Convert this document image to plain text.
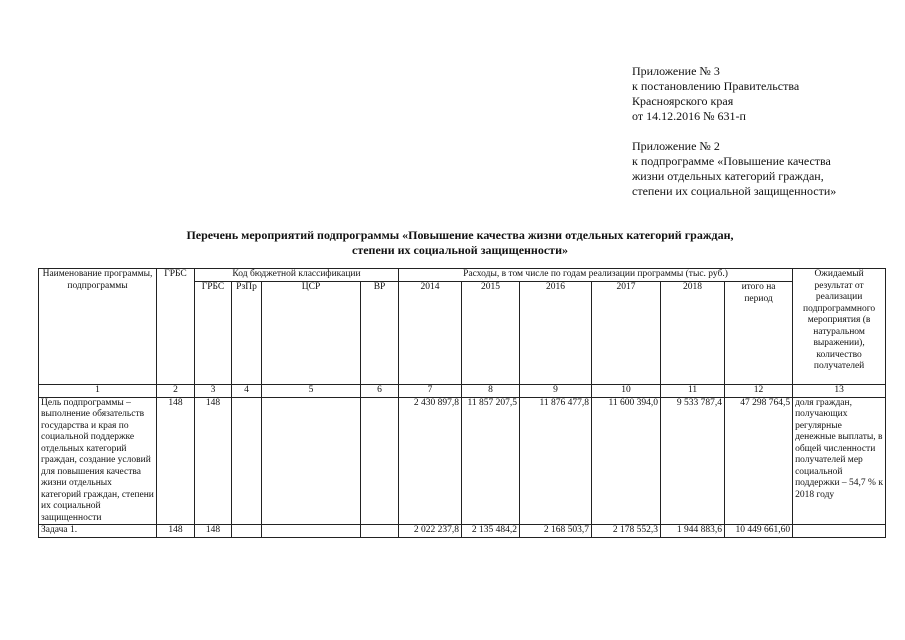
Приложение № 3
к постановлению Правительства
Красноярского края
от 14.12.2016 № 631-п
Приложение № 2
к подпрограмме «Повышение качества
жизни отдельных категорий граждан,
степени их социальной защищенности»
Перечень мероприятий подпрограммы «Повышение качества жизни отдельных категорий граждан,
степени их социальной защищенности»
Наименование программы, подпрограммы	ГРБС	Код бюджетной классификации				Расходы, в том числе по годам реализации программы (тыс. руб.)						Ожидаемый результат от реализации подпрограммного мероприятия (в натуральном выражении), количество получателей
		ГРБС	РзПр	ЦСР	ВР	2014	2015	2016	2017	2018	итого на период	
1	2	3	4	5	6	7	8	9	10	11	12	13
Цель подпрограммы – выполнение обязательств государства и края по социальной поддержке отдельных категорий граждан, создание условий для повышения качества жизни отдельных категорий граждан, степени их социальной защищенности	148	148				2 430 897,8	11 857 207,5	11 876 477,8	11 600 394,0	9 533 787,4	47 298 764,5	доля граждан, получающих регулярные денежные выплаты, в общей численности получателей мер социальной поддержки – 54,7 % к 2018 году
Задача 1.	148	148				2 022 237,8	2 135 484,2	2 168 503,7	2 178 552,3	1 944 883,6	10 449 661,60	
